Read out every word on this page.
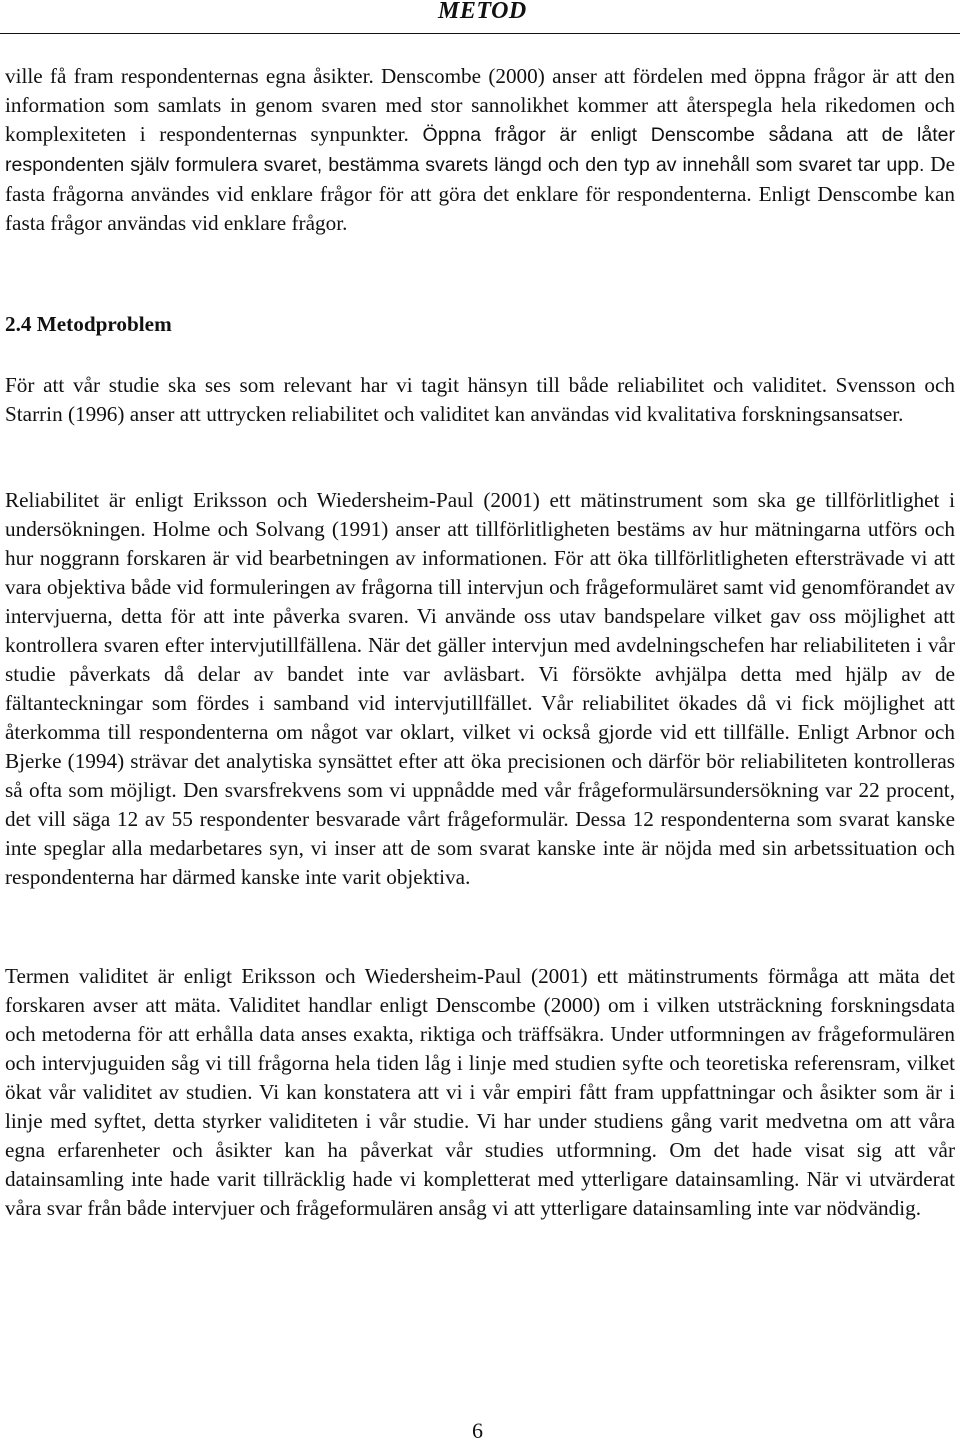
METOD

ville få fram respondenternas egna åsikter. Denscombe (2000) anser att fördelen med öppna frågor är att den information som samlats in genom svaren med stor sannolikhet kommer att återspegla hela rikedomen och komplexiteten i respondenternas synpunkter. Öppna frågor är enligt Denscombe sådana att de låter respondenten själv formulera svaret, bestämma svarets längd och den typ av innehåll som svaret tar upp. De fasta frågorna användes vid enklare frågor för att göra det enklare för respondenterna. Enligt Denscombe kan fasta frågor användas vid enklare frågor.

2.4 Metodproblem

För att vår studie ska ses som relevant har vi tagit hänsyn till både reliabilitet och validitet. Svensson och Starrin (1996) anser att uttrycken reliabilitet och validitet kan användas vid kvalitativa forskningsansatser.

Reliabilitet är enligt Eriksson och Wiedersheim-Paul (2001) ett mätinstrument som ska ge tillförlitlighet i undersökningen. Holme och Solvang (1991) anser att tillförlitligheten bestäms av hur mätningarna utförs och hur noggrann forskaren är vid bearbetningen av informationen. För att öka tillförlitligheten eftersträvade vi att vara objektiva både vid formuleringen av frågorna till intervjun och frågeformuläret samt vid genomförandet av intervjuerna, detta för att inte påverka svaren. Vi använde oss utav bandspelare vilket gav oss möjlighet att kontrollera svaren efter intervjutillfällena. När det gäller intervjun med avdelningschefen har reliabiliteten i vår studie påverkats då delar av bandet inte var avläsbart. Vi försökte avhjälpa detta med hjälp av de fältanteckningar som fördes i samband vid intervjutillfället. Vår reliabilitet ökades då vi fick möjlighet att återkomma till respondenterna om något var oklart, vilket vi också gjorde vid ett tillfälle. Enligt Arbnor och Bjerke (1994) strävar det analytiska synsättet efter att öka precisionen och därför bör reliabiliteten kontrolleras så ofta som möjligt. Den svarsfrekvens som vi uppnådde med vår frågeformulärsundersökning var 22 procent, det vill säga 12 av 55 respondenter besvarade vårt frågeformulär. Dessa 12 respondenterna som svarat kanske inte speglar alla medarbetares syn, vi inser att de som svarat kanske inte är nöjda med sin arbetssituation och respondenterna har därmed kanske inte varit objektiva.

Termen validitet är enligt Eriksson och Wiedersheim-Paul (2001) ett mätinstruments förmåga att mäta det forskaren avser att mäta. Validitet handlar enligt Denscombe (2000) om i vilken utsträckning forskningsdata och metoderna för att erhålla data anses exakta, riktiga och träffsäkra. Under utformningen av frågeformulären och intervjuguiden såg vi till frågorna hela tiden låg i linje med studien syfte och teoretiska referensram, vilket ökat vår validitet av studien. Vi kan konstatera att vi i vår empiri fått fram uppfattningar och åsikter som är i linje med syftet, detta styrker validiteten i vår studie. Vi har under studiens gång varit medvetna om att våra egna erfarenheter och åsikter kan ha påverkat vår studies utformning. Om det hade visat sig att vår datainsamling inte hade varit tillräcklig hade vi kompletterat med ytterligare datainsamling. När vi utvärderat våra svar från både intervjuer och frågeformulären ansåg vi att ytterligare datainsamling inte var nödvändig.

6
